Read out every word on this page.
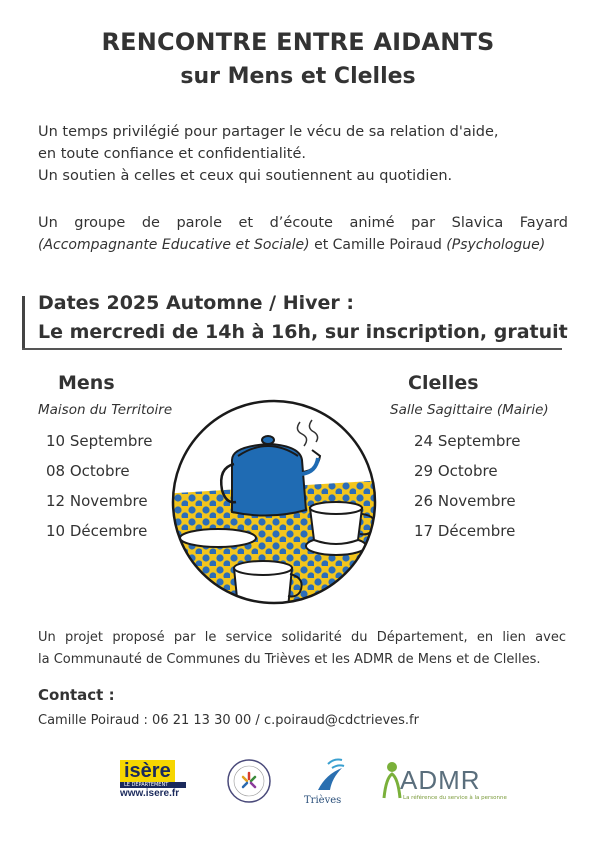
RENCONTRE ENTRE AIDANTS
sur Mens et Clelles
Un temps privilégié pour partager le vécu de sa relation d'aide,
en toute confiance et confidentialité.
Un soutien à celles et ceux qui soutiennent au quotidien.
Un groupe de parole et d’écoute animé par Slavica Fayard
(Accompagnante Educative et Sociale) et Camille Poiraud (Psychologue)
Dates 2025 Automne / Hiver :
Le mercredi de 14h à 16h, sur inscription, gratuit
Mens
Maison du Territoire
10 Septembre
08 Octobre
12 Novembre
10 Décembre
Clelles
Salle Sagittaire (Mairie)
24 Septembre
29 Octobre
26 Novembre
17 Décembre
Un projet proposé par le service solidarité du Département, en lien avec
la Communauté de Communes du Trièves et les ADMR de Mens et de Clelles.
Contact :
Camille Poiraud : 06 21 13 30 00 / c.poiraud@cdctrieves.fr
isère
LE DÉPARTEMENT
www.isere.fr
Trièves
ADMR
La référence du service à la personne
